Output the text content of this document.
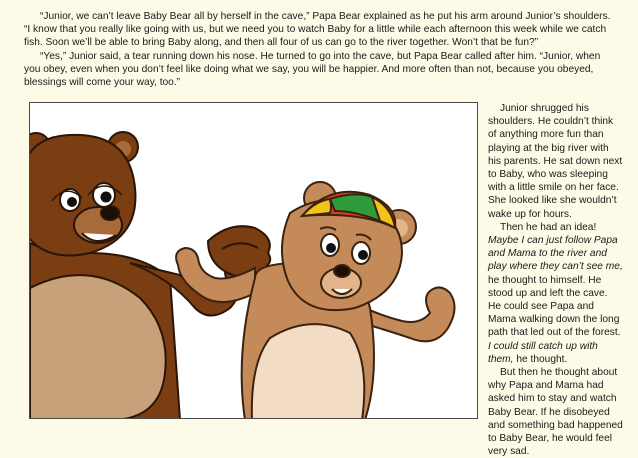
“Junior, we can’t leave Baby Bear all by herself in the cave,” Papa Bear explained as he put his arm around Junior’s shoulders. “I know that you really like going with us, but we need you to watch Baby for a little while each afternoon this week while we catch fish. Soon we’ll be able to bring Baby along, and then all four of us can go to the river together. Won’t that be fun?”

“Yes,” Junior said, a tear running down his nose. He turned to go into the cave, but Papa Bear called after him. “Junior, when you obey, even when you don’t feel like doing what we say, you will be happier. And more often than not, because you obeyed, blessings will come your way, too.”

Junior shrugged his shoulders. He couldn’t think of anything more fun than playing at the big river with his parents. He sat down next to Baby, who was sleeping with a little smile on her face. She looked like she wouldn’t wake up for hours.

Then he had an idea! Maybe I can just follow Papa and Mama to the river and play where they can’t see me, he thought to himself. He stood up and left the cave. He could see Papa and Mama walking down the long path that led out of the forest. I could still catch up with them, he thought.

But then he thought about why Papa and Mama had asked him to stay and watch Baby Bear. If he disobeyed and something bad happened to Baby Bear, he would feel very sad.
